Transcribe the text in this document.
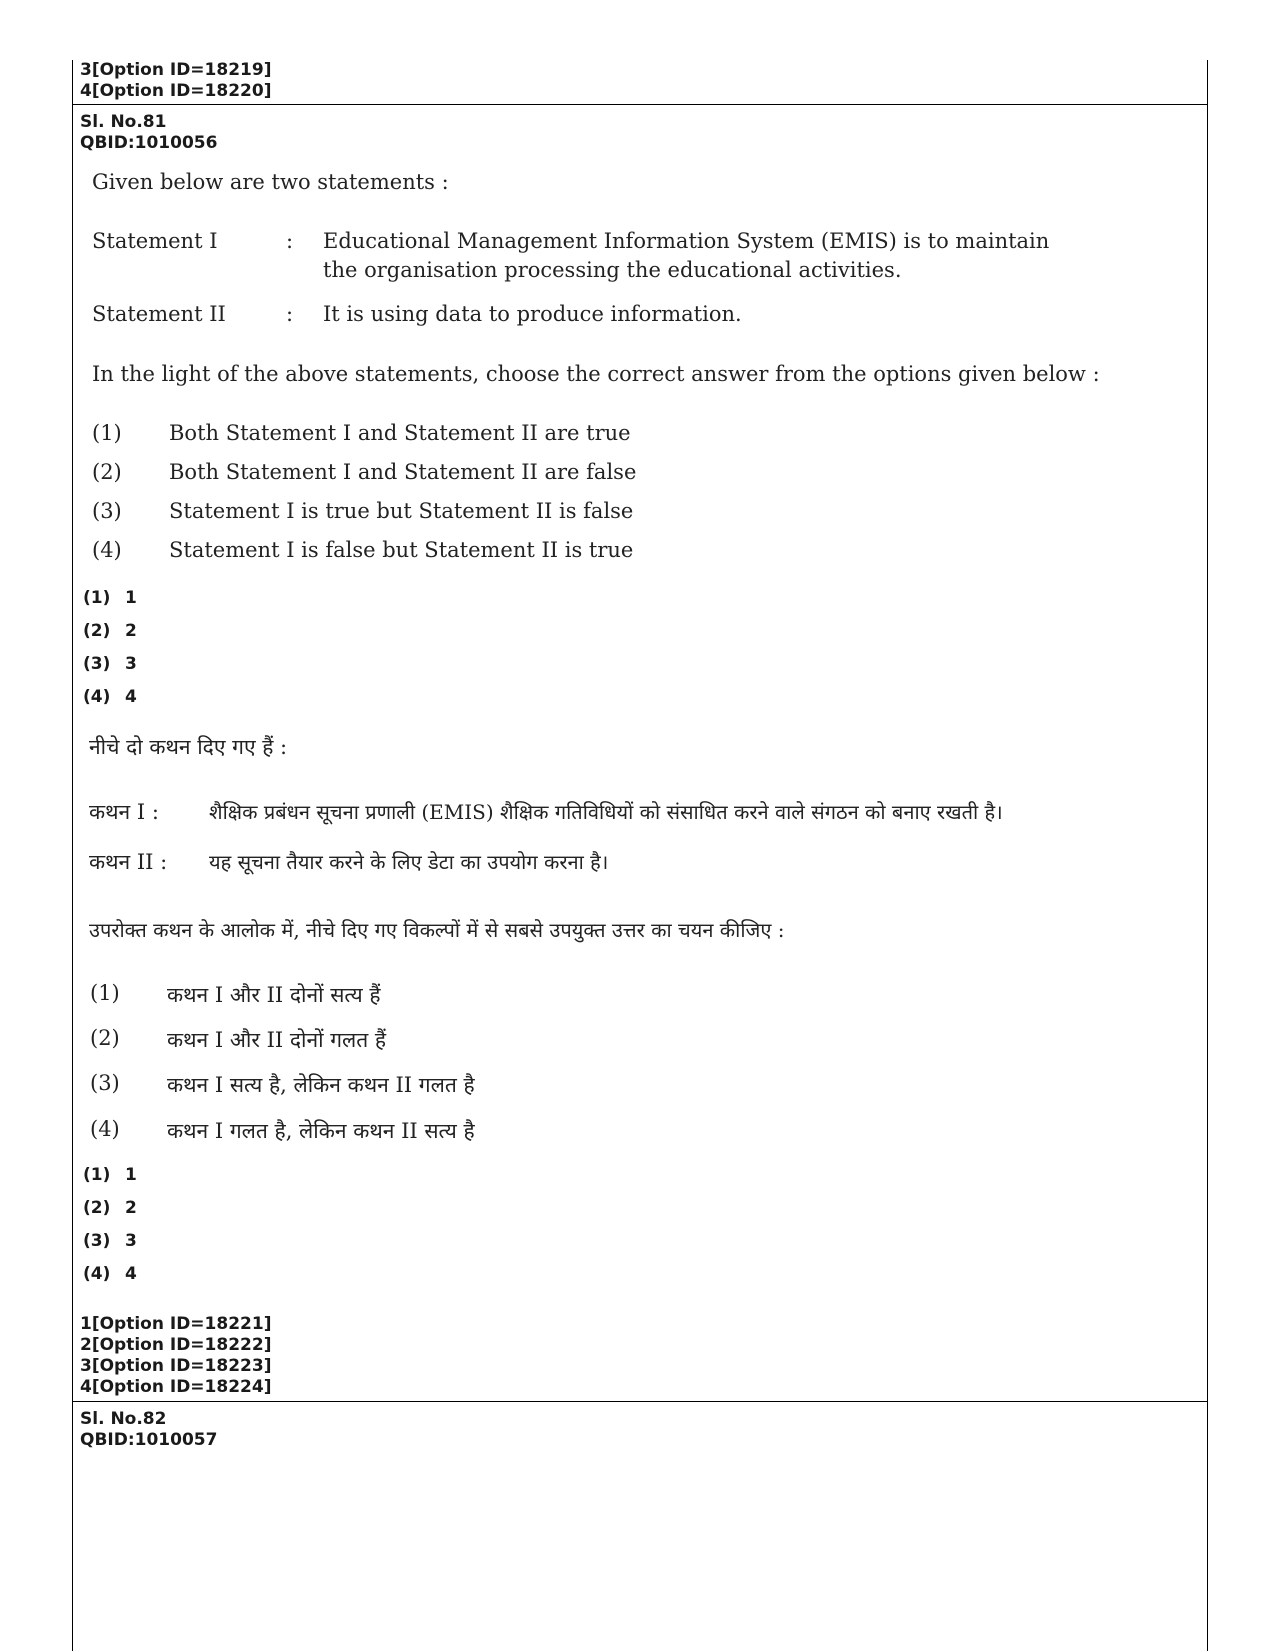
3[Option ID=18219]
4[Option ID=18220]
Sl. No.81
QBID:1010056
Given below are two statements :
Statement I	: Educational Management Information System (EMIS) is to maintain
the organisation processing the educational activities.
Statement II	: It is using data to produce information.
In the light of the above statements, choose the correct answer from the options given below :
(1) Both Statement I and Statement II are true
(2) Both Statement I and Statement II are false
(3) Statement I is true but Statement II is false
(4) Statement I is false but Statement II is true
(1) 1
(2) 2
(3) 3
(4) 4
नीचे दो कथन दिए गए हैं :
कथन I :	शैक्षिक प्रबंधन सूचना प्रणाली (EMIS) शैक्षिक गतिविधियों को संसाधित करने वाले संगठन को बनाए रखती है।
कथन II : यह सूचना तैयार करने के लिए डेटा का उपयोग करना है।
उपरोक्त कथन के आलोक में, नीचे दिए गए विकल्पों में से सबसे उपयुक्त उत्तर का चयन कीजिए :
(1) कथन I और II दोनों सत्य हैं
(2) कथन I और II दोनों गलत हैं
(3) कथन I सत्य है, लेकिन कथन II गलत है
(4) कथन I गलत है, लेकिन कथन II सत्य है
(1) 1
(2) 2
(3) 3
(4) 4
1[Option ID=18221]
2[Option ID=18222]
3[Option ID=18223]
4[Option ID=18224]
Sl. No.82
QBID:1010057
